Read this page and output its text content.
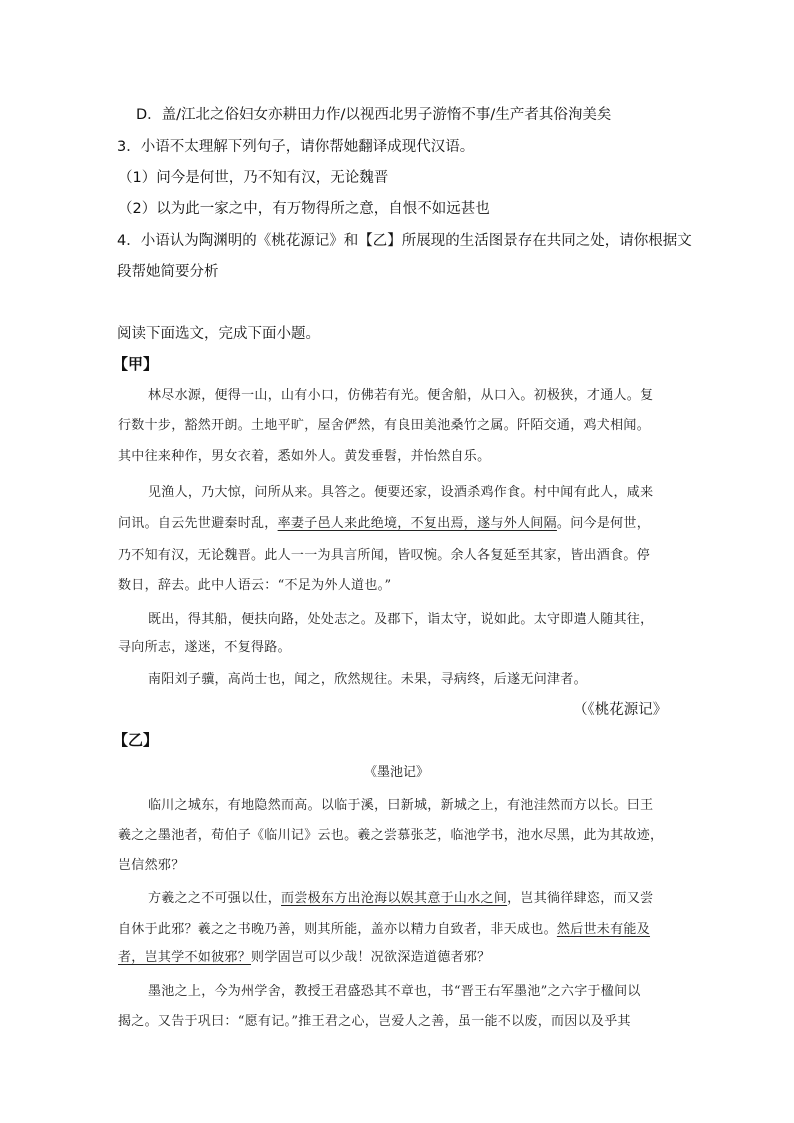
D．盖/江北之俗妇女亦耕田力作/以视西北男子游惰不事/生产者其俗洵美矣
3．小语不太理解下列句子，请你帮她翻译成现代汉语。
（1）问今是何世，乃不知有汉，无论魏晋
（2）以为此一家之中，有万物得所之意，自恨不如远甚也
4．小语认为陶渊明的《桃花源记》和【乙】所展现的生活图景存在共同之处，请你根据文
段帮她简要分析
阅读下面选文，完成下面小题。
【甲】
林尽水源，便得一山，山有小口，仿佛若有光。便舍船，从口入。初极狭，才通人。复
行数十步，豁然开朗。土地平旷，屋舍俨然，有良田美池桑竹之属。阡陌交通，鸡犬相闻。
其中往来种作，男女衣着，悉如外人。黄发垂髫，并怡然自乐。
见渔人，乃大惊，问所从来。具答之。便要还家，设酒杀鸡作食。村中闻有此人，咸来
问讯。自云先世避秦时乱，率妻子邑人来此绝境，不复出焉，遂与外人间隔。问今是何世，
乃不知有汉，无论魏晋。此人一一为具言所闻，皆叹惋。余人各复延至其家，皆出酒食。停
数日，辞去。此中人语云：“不足为外人道也。”
既出，得其船，便扶向路，处处志之。及郡下，诣太守，说如此。太守即遣人随其往，
寻向所志，遂迷，不复得路。
南阳刘子骥，高尚士也，闻之，欣然规往。未果，寻病终，后遂无问津者。
（《桃花源记》
【乙】
《墨池记》
临川之城东，有地隐然而高。以临于溪，曰新城，新城之上，有池洼然而方以长。曰王
羲之之墨池者，荀伯子《临川记》云也。羲之尝慕张芝，临池学书，池水尽黑，此为其故迹，
岂信然邪？
方羲之之不可强以仕，而尝极东方出沧海以娱其意于山水之间，岂其徜徉肆恣，而又尝
自休于此邪？羲之之书晚乃善，则其所能，盖亦以精力自致者，非天成也。然后世未有能及
者，岂其学不如彼邪？则学固岂可以少哉！况欲深造道德者邪？
墨池之上，今为州学舍，教授王君盛恐其不章也，书“晋王右军墨池”之六字于楹间以
揭之。又告于巩曰：“愿有记。”推王君之心，岂爱人之善，虽一能不以废，而因以及乎其
